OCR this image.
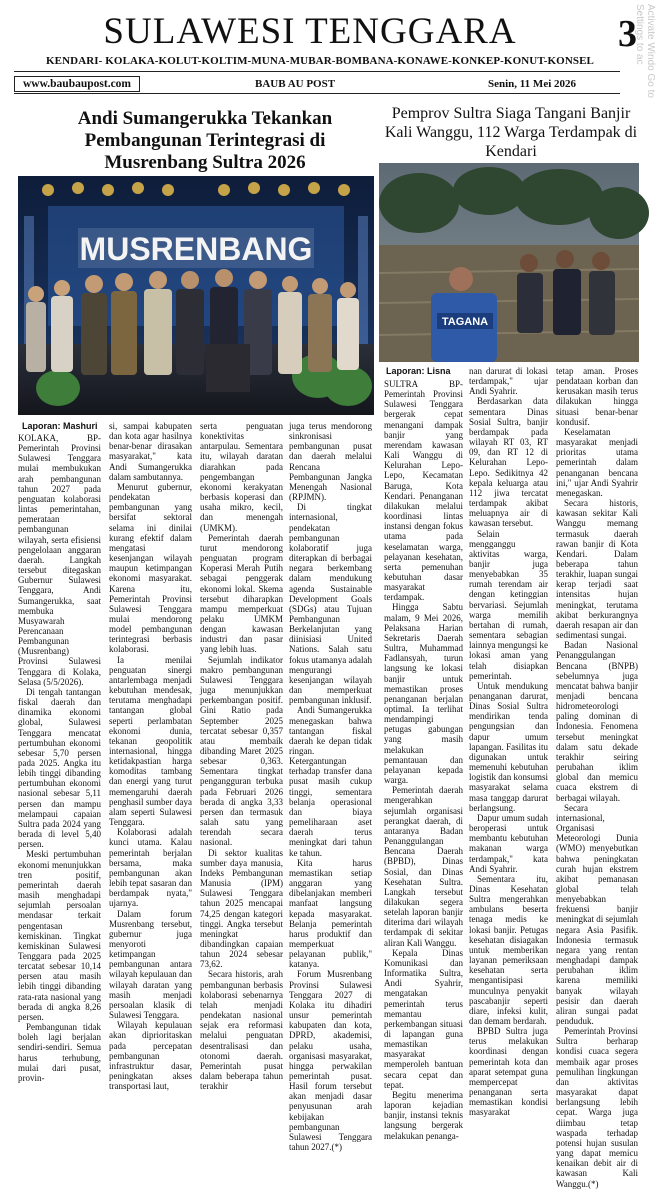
SULAWESI TENGGARA	3 Activate Windo Go to Settings to ac
KENDARI- KOLAKA-KOLUT-KOLTIM-MUNA-MUBAR-BOMBANA-KONAWE-KONKEP-KONUT-KONSEL
www.baubaupost.com	BAUB AU POST	Senin, 11 Mei 2026
Andi Sumangerukka Tekankan Pembangunan Terintegrasi di Musrenbang Sultra 2026
MUSRENBANG
Laporan: Mashuri

KOLAKA, BP- Pemerintah Provinsi Sulawesi Tenggara mulai membukukan arah pembangunan tahun 2027 pada penguatan kolaborasi lintas pemerintahan, pemerataan pembangunan wilayah, serta efisiensi pengelolaan anggaran daerah. Langkah tersebut ditegaskan Gubernur Sulawesi Tenggara, Andi Sumangerukka, saat membuka Musyawarah Perencanaan Pembangunan (Musrenbang) Provinsi Sulawesi Tenggara di Kolaka, Selasa (5/5/2026).

Di tengah tantangan fiskal daerah dan dinamika ekonomi global, Sulawesi Tenggara mencatat pertumbuhan ekonomi sebesar 5,70 persen pada 2025. Angka itu lebih tinggi dibanding pertumbuhan ekonomi nasional sebesar 5,11 persen dan mampu melampaui capaian Sultra pada 2024 yang berada di level 5,40 persen.

Meski pertumbuhan ekonomi menunjukkan tren positif, pemerintah daerah masih menghadapi sejumlah persoalan mendasar terkait pengentasan kemiskinan. Tingkat kemiskinan Sulawesi Tenggara pada 2025 tercatat sebesar 10,14 persen atau masih lebih tinggi dibanding rata-rata nasional yang berada di angka 8,26 persen.

Pembangunan tidak boleh lagi berjalan sendiri-sendiri. Semua harus terhubung, mulai dari pusat, provin-

si, sampai kabupaten dan kota agar hasilnya benar-benar dirasakan masyarakat," kata Andi Sumangerukka dalam sambutannya.

Menurut gubernur, pendekatan pembangunan yang bersifat sektoral selama ini dinilai kurang efektif dalam mengatasi kesenjangan wilayah maupun ketimpangan ekonomi masyarakat. Karena itu, Pemerintah Provinsi Sulawesi Tenggara mulai mendorong model pembangunan terintegrasi berbasis kolaborasi.

Ia menilai penguatan sinergi antarlembaga menjadi kebutuhan mendesak, terutama menghadapi tantangan global seperti perlambatan ekonomi dunia, tekanan geopolitik internasional, hingga ketidakpastian harga komoditas tambang dan energi yang turut memengaruhi daerah penghasil sumber daya alam seperti Sulawesi Tenggara.

Kolaborasi adalah kunci utama. Kalau pemerintah berjalan bersama, maka pembangunan akan lebih tepat sasaran dan berdampak nyata," ujarnya.

Dalam forum Musrenbang tersebut, gubernur juga menyoroti ketimpangan pembangunan antara wilayah kepulauan dan wilayah daratan yang masih menjadi persoalan klasik di Sulawesi Tenggara.

Wilayah kepulauan akan diprioritaskan pada percepatan pembangunan infrastruktur dasar, peningkatan akses transportasi laut,

serta penguatan konektivitas antarpulau. Sementara itu, wilayah daratan diarahkan pada pengembangan ekonomi kerakyatan berbasis koperasi dan usaha mikro, kecil, dan menengah (UMKM).

Pemerintah daerah turut mendorong penguatan program Koperasi Merah Putih sebagai penggerak ekonomi lokal. Skema tersebut diharapkan mampu memperkuat pelaku UMKM dengan kawasan industri dan pasar yang lebih luas.

Sejumlah indikator makro pembangunan Sulawesi Tenggara juga menunjukkan perkembangan positif. Gini Ratio pada September 2025 tercatat sebesar 0,357 atau membaik dibanding Maret 2025 sebesar 0,363. Sementara tingkat pengangguran terbuka pada Februari 2026 berada di angka 3,33 persen dan termasuk salah satu yang terendah secara nasional.

Di sektor kualitas sumber daya manusia, Indeks Pembangunan Manusia (IPM) Sulawesi Tenggara tahun 2025 mencapai 74,25 dengan kategori tinggi. Angka tersebut meningkat dibandingkan capaian tahun 2024 sebesar 73,62.

Secara historis, arah pembangunan berbasis kolaborasi sebenarnya telah menjadi pendekatan nasional sejak era reformasi melalui penguatan desentralisasi dan otonomi daerah. Pemerintah pusat dalam beberapa tahun terakhir

juga terus mendorong sinkronisasi pembangunan pusat dan daerah melalui Rencana Pembangunan Jangka Menengah Nasional (RPJMN).

Di tingkat internasional, pendekatan pembangunan kolaboratif juga diterapkan di berbagai negara berkembang dalam mendukung agenda Sustainable Development Goals (SDGs) atau Tujuan Pembangunan Berkelanjutan yang diinisiasi United Nations. Salah satu fokus utamanya adalah mengurangi kesenjangan wilayah dan memperkuat pembangunan inklusif.

Andi Sumangerukka menegaskan bahwa tantangan fiskal daerah ke depan tidak ringan. Ketergantungan terhadap transfer dana pusat masih cukup tinggi, sementara belanja operasional dan biaya pemeliharaan aset daerah terus meningkat dari tahun ke tahun.

Kita harus memastikan setiap anggaran yang dibelanjakan memberi manfaat langsung kepada masyarakat. Belanja pemerintah harus produktif dan memperkuat pelayanan publik," katanya.

Forum Musrenbang Provinsi Sulawesi Tenggara 2027 di Kolaka itu dihadiri unsur pemerintah kabupaten dan kota, DPRD, akademisi, pelaku usaha, organisasi masyarakat, hingga perwakilan pemerintah pusat. Hasil forum tersebut akan menjadi dasar penyusunan arah kebijakan pembangunan Sulawesi Tenggara tahun 2027.(*)

Pemprov Sultra Siaga Tangani Banjir Kali Wanggu, 112 Warga Terdampak di Kendari
TAGANA
Laporan: Lisna

SULTRA BP- Pemerintah Provinsi Sulawesi Tenggara bergerak cepat menangani dampak banjir yang merendam kawasan Kali Wanggu di Kelurahan Lepo-Lepo, Kecamatan Baruga, Kota Kendari. Penanganan dilakukan melalui koordinasi lintas instansi dengan fokus utama pada keselamatan warga, pelayanan kesehatan, serta pemenuhan kebutuhan dasar masyarakat terdampak.

Hingga Sabtu malam, 9 Mei 2026, Pelaksana Harian Sekretaris Daerah Sultra, Muhammad Fadlansyah, turun langsung ke lokasi banjir untuk memastikan proses penanganan berjalan optimal. Ia terlihat mendampingi petugas gabungan yang masih melakukan pemantauan dan pelayanan kepada warga.

Pemerintah daerah mengerahkan sejumlah organisasi perangkat daerah, di antaranya Badan Penanggulangan Bencana Daerah (BPBD), Dinas Sosial, dan Dinas Kesehatan Sultra. Langkah tersebut dilakukan segera setelah laporan banjir diterima dari wilayah terdampak di sekitar aliran Kali Wanggu.

Kepala Dinas Komunikasi dan Informatika Sultra, Andi Syahrir, mengatakan pemerintah terus memantau perkembangan situasi di lapangan guna memastikan masyarakat memperoleh bantuan secara cepat dan tepat.

Begitu menerima laporan kejadian banjir, instansi teknis langsung bergerak melakukan penanga-

nan darurat di lokasi terdampak," ujar Andi Syahrir.

Berdasarkan data sementara Dinas Sosial Sultra, banjir berdampak pada wilayah RT 03, RT 09, dan RT 12 di Kelurahan Lepo-Lepo. Sedikitnya 42 kepala keluarga atau 112 jiwa tercatat terdampak akibat meluapnya air di kawasan tersebut.

Selain mengganggu aktivitas warga, banjir juga menyebabkan 35 rumah terendam air dengan ketinggian bervariasi. Sejumlah warga memilih bertahan di rumah, sementara sebagian lainnya mengungsi ke lokasi aman yang telah disiapkan pemerintah.

Untuk mendukung penanganan darurat, Dinas Sosial Sultra mendirikan tenda pengungsian dan dapur umum lapangan. Fasilitas itu digunakan untuk memenuhi kebutuhan logistik dan konsumsi masyarakat selama masa tanggap darurat berlangsung.

Dapur umum sudah beroperasi untuk membantu kebutuhan makanan warga terdampak," kata Andi Syahrir.

Sementara itu, Dinas Kesehatan Sultra mengerahkan ambulans beserta tenaga medis ke lokasi banjir. Petugas kesehatan disiagakan untuk memberikan layanan pemeriksaan kesehatan serta mengantisipasi munculnya penyakit pascabanjir seperti diare, infeksi kulit, dan demam berdarah.

BPBD Sultra juga terus melakukan koordinasi dengan pemerintah kota dan aparat setempat guna mempercepat penanganan serta memastikan kondisi masyarakat

tetap aman. Proses pendataan korban dan kerusakan masih terus dilakukan hingga situasi benar-benar kondusif.

Keselamatan masyarakat menjadi prioritas utama pemerintah dalam penanganan bencana ini," ujar Andi Syahrir menegaskan.

Secara historis, kawasan sekitar Kali Wanggu memang termasuk daerah rawan banjir di Kota Kendari. Dalam beberapa tahun terakhir, luapan sungai kerap terjadi saat intensitas hujan meningkat, terutama akibat berkurangnya daerah resapan air dan sedimentasi sungai.

Badan Nasional Penanggulangan Bencana (BNPB) sebelumnya juga mencatat bahwa banjir menjadi bencana hidrometeorologi paling dominan di Indonesia. Fenomena tersebut meningkat dalam satu dekade terakhir seiring perubahan iklim global dan memicu cuaca ekstrem di berbagai wilayah.

Secara internasional, Organisasi Meteorologi Dunia (WMO) menyebutkan bahwa peningkatan curah hujan ekstrem akibat pemanasan global telah menyebabkan frekuensi banjir meningkat di sejumlah negara Asia Pasifik. Indonesia termasuk negara yang rentan menghadapi dampak perubahan iklim karena memiliki banyak wilayah pesisir dan daerah aliran sungai padat penduduk.

Pemerintah Provinsi Sultra berharap kondisi cuaca segera membaik agar proses pemulihan lingkungan dan aktivitas masyarakat dapat berlangsung lebih cepat. Warga juga diimbau tetap waspada terhadap potensi hujan susulan yang dapat memicu kenaikan debit air di kawasan Kali Wanggu.(*)
